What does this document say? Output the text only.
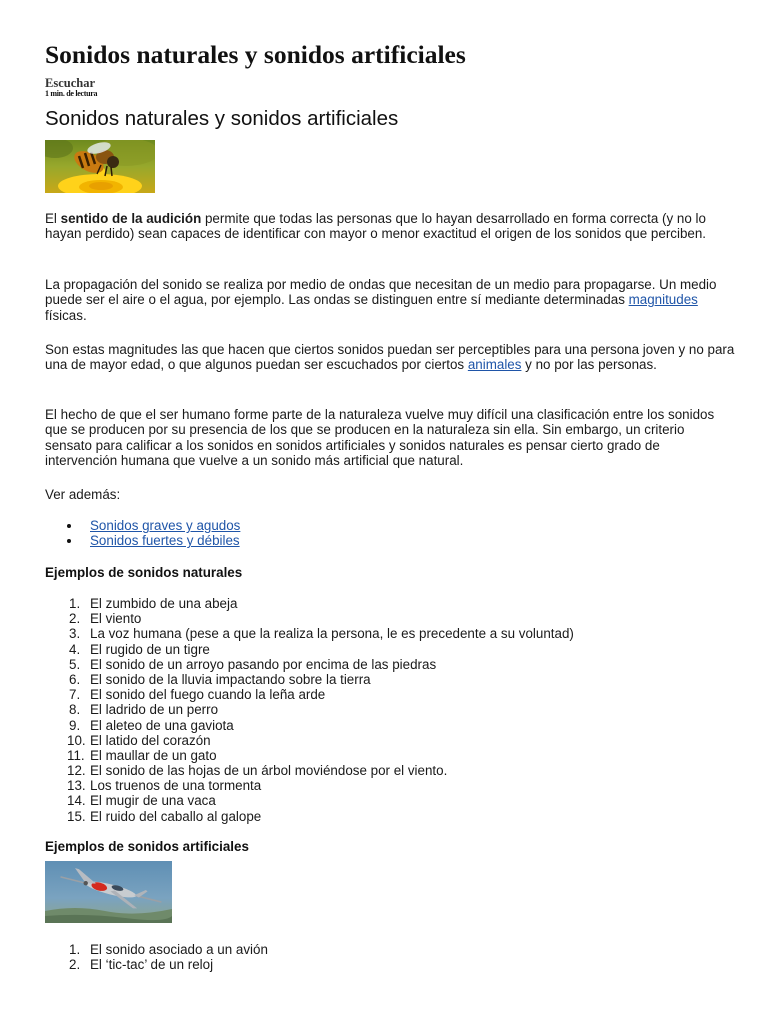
Sonidos naturales y sonidos artificiales
Escuchar
1 min. de lectura
Sonidos naturales y sonidos artificiales

El sentido de la audición permite que todas las personas que lo hayan desarrollado en forma correcta (y no lo hayan perdido) sean capaces de identificar con mayor o menor exactitud el origen de los sonidos que perciben.

La propagación del sonido se realiza por medio de ondas que necesitan de un medio para propagarse. Un medio puede ser el aire o el agua, por ejemplo. Las ondas se distinguen entre sí mediante determinadas magnitudes físicas.

Son estas magnitudes las que hacen que ciertos sonidos puedan ser perceptibles para una persona joven y no para una de mayor edad, o que algunos puedan ser escuchados por ciertos animales y no por las personas.

El hecho de que el ser humano forme parte de la naturaleza vuelve muy difícil una clasificación entre los sonidos que se producen por su presencia de los que se producen en la naturaleza sin ella. Sin embargo, un criterio sensato para calificar a los sonidos en sonidos artificiales y sonidos naturales es pensar cierto grado de intervención humana que vuelve a un sonido más artificial que natural.

Ver además:

Sonidos graves y agudos
Sonidos fuertes y débiles
Ejemplos de sonidos naturales
1. El zumbido de una abeja
2. El viento
3. La voz humana (pese a que la realiza la persona, le es precedente a su voluntad)
4. El rugido de un tigre
5. El sonido de un arroyo pasando por encima de las piedras
6. El sonido de la lluvia impactando sobre la tierra
7. El sonido del fuego cuando la leña arde
8. El ladrido de un perro
9. El aleteo de una gaviota
10. El latido del corazón
11. El maullar de un gato
12. El sonido de las hojas de un árbol moviéndose por el viento.
13. Los truenos de una tormenta
14. El mugir de una vaca
15. El ruido del caballo al galope
Ejemplos de sonidos artificiales
1. El sonido asociado a un avión
2. El ‘tic-tac’ de un reloj
